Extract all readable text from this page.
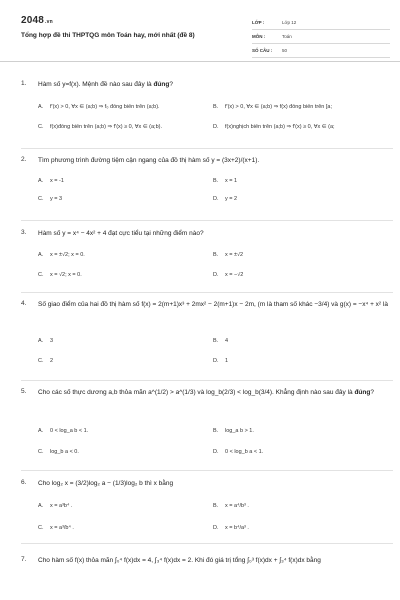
2048.vn
Tổng hợp đề thi THPTQG môn Toán hay, mới nhất (đề 8)
LỚP :	Lớp 12
MÔN :	Toán
SỐ CÂU : 50
1. Hàm số y=f(x). Mệnh đề nào sau đây là đúng?
A. f'(x) > 0, ∀x ∈ (a;b) ⇒ f₀ đồng biến trên (a;b).	B. f'(x) > 0, ∀x ∈ (a;b) ⇒ f(x) đồng biến trên [a;
C. f(x)đồng biến trên (a;b) ⇒ f'(x) ≥ 0, ∀x ∈ (a;b).	D. f(x)nghịch biến trên (a;b) ⇒ f'(x) ≥ 0, ∀x ∈ (a;
2. Tìm phương trình đường tiệm cận ngang của đồ thị hàm số y = (3x+2)/(x+1).
A. x = -1	B. x = 1
C. y = 3	D. y = 2
3. Hàm số y = x⁴ − 4x² + 4 đạt cực tiểu tại những điểm nào?
A. x = ±√2; x = 0.	B. x = ±√2
C. x = √2; x = 0.	D. x = −√2
4. Số giao điểm của hai đồ thị hàm số f(x) = 2(m+1)x³ + 2mx² − 2(m+1)x − 2m, (m là tham số khác −3/4) và g(x) = −x⁴ + x² là
A. 3	B. 4
C. 2	D. 1
5. Cho các số thực dương a,b thỏa mãn a^(1/2) > a^(1/3) và log_b(2/3) < log_b(3/4). Khẳng định nào sau đây là đúng?
A. 0 < log_a b < 1.	B. log_a b > 1.
C. log_b a < 0.	D. 0 < log_b a < 1.
6. Cho log₂ x = (3/2)log₂ a − (1/3)log₂ b thì x bằng
A. x = a³b⁴ .	B. x = a⁴/b³ .
C. x = a³/b⁴ .	D. x = b⁴/a³ .
7. Cho hàm số f(x) thỏa mãn ∫₀⁴ f(x)dx = 4, ∫₃⁴ f(x)dx = 2. Khi đó giá trị tổng ∫₀³ f(x)dx + ∫₃⁴ f(x)dx bằng
